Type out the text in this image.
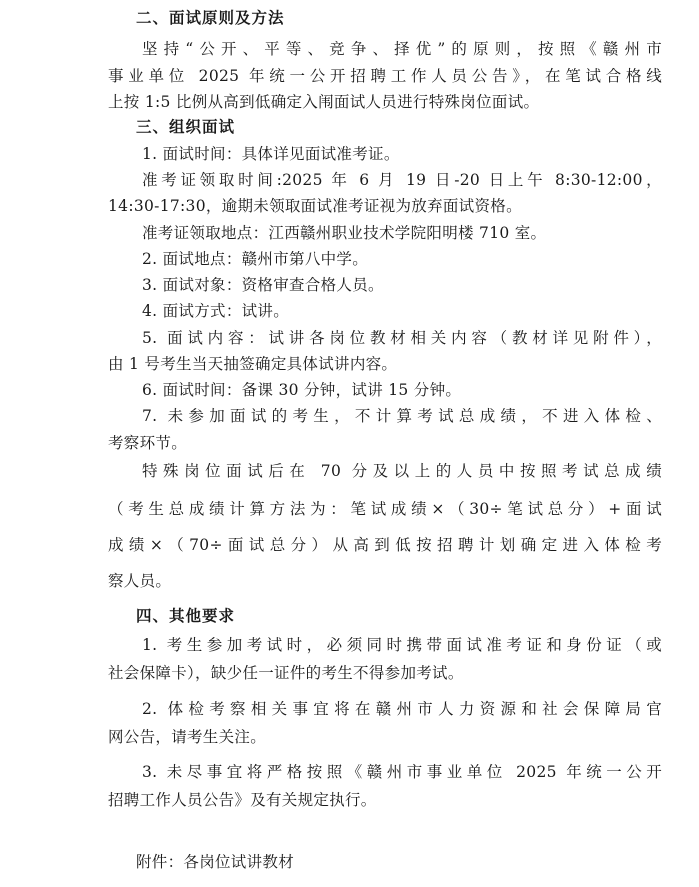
二、面试原则及方法
坚持“公开、平等、竞争、择优”的原则，按照《赣州市
事业单位 2025 年统一公开招聘工作人员公告》，在笔试合格线
上按 1:5 比例从高到低确定入闱面试人员进行特殊岗位面试。
三、组织面试
1. 面试时间：具体详见面试准考证。
准考证领取时间:2025 年 6 月 19 日-20 日上午 8:30-12:00，
14:30-17:30，逾期未领取面试准考证视为放弃面试资格。
准考证领取地点：江西赣州职业技术学院阳明楼 710 室。
2. 面试地点：赣州市第八中学。
3. 面试对象：资格审查合格人员。
4. 面试方式：试讲。
5. 面试内容：试讲各岗位教材相关内容（教材详见附件），
由 1 号考生当天抽签确定具体试讲内容。
6. 面试时间：备课 30 分钟，试讲 15 分钟。
7. 未参加面试的考生，不计算考试总成绩，不进入体检、
考察环节。
特殊岗位面试后在 70 分及以上的人员中按照考试总成绩
（考生总成绩计算方法为：笔试成绩×（30÷笔试总分）+面试
成绩×（70÷面试总分）从高到低按招聘计划确定进入体检考
察人员。
四、其他要求
1. 考生参加考试时，必须同时携带面试准考证和身份证（或
社会保障卡），缺少任一证件的考生不得参加考试。
2. 体检考察相关事宜将在赣州市人力资源和社会保障局官
网公告，请考生关注。
3. 未尽事宜将严格按照《赣州市事业单位 2025 年统一公开
招聘工作人员公告》及有关规定执行。
附件：各岗位试讲教材
